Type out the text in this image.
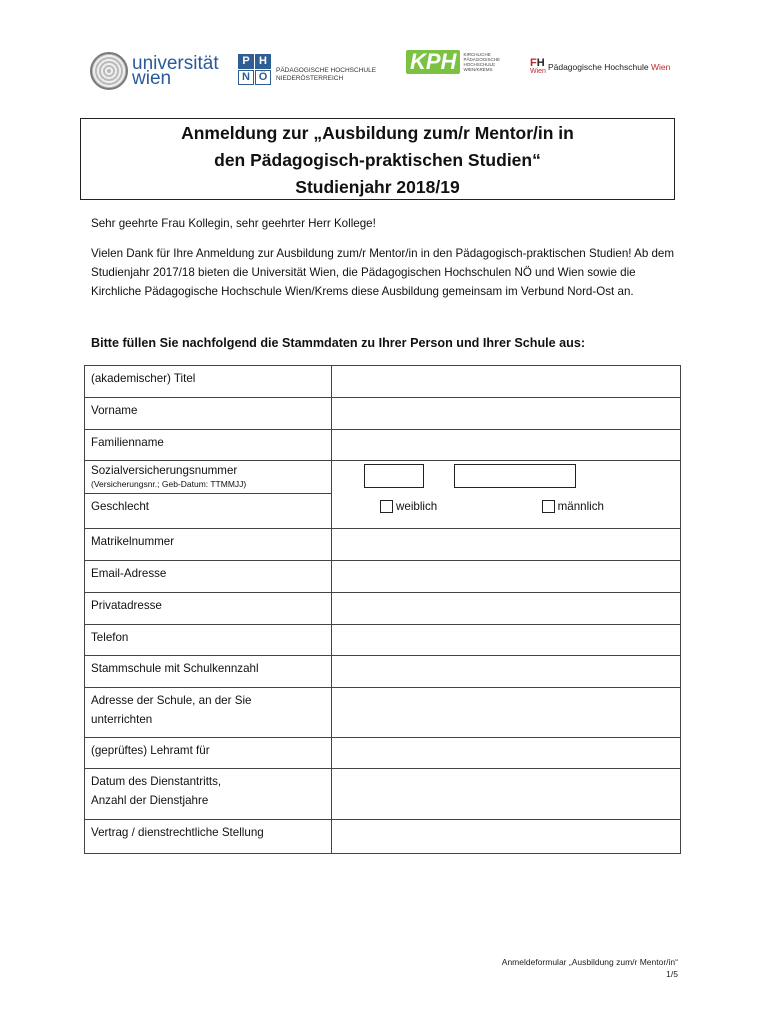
universität
wien
P H
N Ö
PÄDAGOGISCHE HOCHSCHULE
NIEDERÖSTERREICH
KPH	KIRCHLICHE PÄDAGOGISCHE HOCHSCHULE WIEN/KREMS
FH
Wien Pädagogische Hochschule Wien
Anmeldung zur „Ausbildung zum/r Mentor/in in
den Pädagogisch-praktischen Studien“
Studienjahr 2018/19
Sehr geehrte Frau Kollegin, sehr geehrter Herr Kollege!
Vielen Dank für Ihre Anmeldung zur Ausbildung zum/r Mentor/in in den Pädagogisch-praktischen Studien! Ab dem Studienjahr 2017/18 bieten die Universität Wien, die Pädagogischen Hochschulen NÖ und Wien sowie die Kirchliche Pädagogische Hochschule Wien/Krems diese Ausbildung gemeinsam im Verbund Nord-Ost an.
Bitte füllen Sie nachfolgend die Stammdaten zu Ihrer Person und Ihrer Schule aus:
(akademischer) Titel	
Vorname	
Familienname	
Sozialversicherungsnummer
(Versicherungsnr.; Geb-Datum: TTMMJJ)	

Geschlecht	weiblich männlich

Matrikelnummer	
Email-Adresse	
Privatadresse	
Telefon	
Stammschule mit Schulkennzahl	

Adresse der Schule, an der Sie
unterrichten	

(geprüftes) Lehramt für	

Datum des Dienstantritts,
Anzahl der Dienstjahre	

Vertrag / dienstrechtliche Stellung	
Anmeldeformular „Ausbildung zum/r Mentor/in“
1/5
